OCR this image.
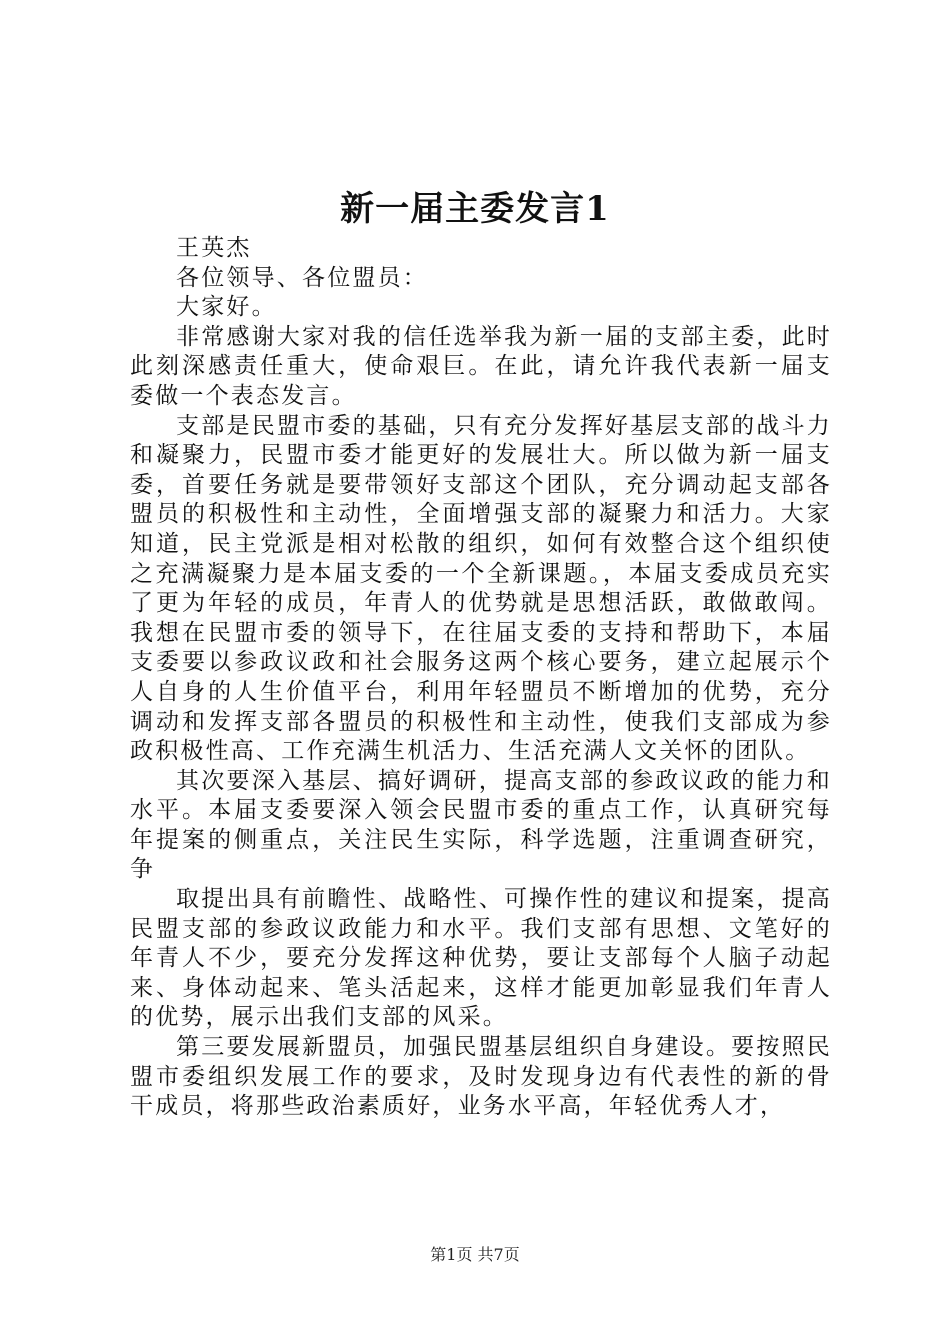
新一届主委发言1

王英杰

各位领导、各位盟员：

大家好。

非常感谢大家对我的信任选举我为新一届的支部主委，此时此刻深感责任重大，使命艰巨。在此，请允许我代表新一届支委做一个表态发言。

支部是民盟市委的基础，只有充分发挥好基层支部的战斗力和凝聚力，民盟市委才能更好的发展壮大。所以做为新一届支委，首要任务就是要带领好支部这个团队，充分调动起支部各盟员的积极性和主动性，全面增强支部的凝聚力和活力。大家知道，民主党派是相对松散的组织，如何有效整合这个组织使之充满凝聚力是本届支委的一个全新课题。，本届支委成员充实了更为年轻的成员，年青人的优势就是思想活跃，敢做敢闯。我想在民盟市委的领导下，在往届支委的支持和帮助下，本届支委要以参政议政和社会服务这两个核心要务，建立起展示个人自身的人生价值平台，利用年轻盟员不断增加的优势，充分调动和发挥支部各盟员的积极性和主动性，使我们支部成为参政积极性高、工作充满生机活力、生活充满人文关怀的团队。

其次要深入基层、搞好调研，提高支部的参政议政的能力和水平。本届支委要深入领会民盟市委的重点工作，认真研究每年提案的侧重点，关注民生实际，科学选题，注重调查研究，争

取提出具有前瞻性、战略性、可操作性的建议和提案，提高民盟支部的参政议政能力和水平。我们支部有思想、文笔好的年青人不少，要充分发挥这种优势，要让支部每个人脑子动起来、身体动起来、笔头活起来，这样才能更加彰显我们年青人的优势，展示出我们支部的风采。

第三要发展新盟员，加强民盟基层组织自身建设。要按照民盟市委组织发展工作的要求，及时发现身边有代表性的新的骨干成员，将那些政治素质好，业务水平高，年轻优秀人才，

第1页 共7页
